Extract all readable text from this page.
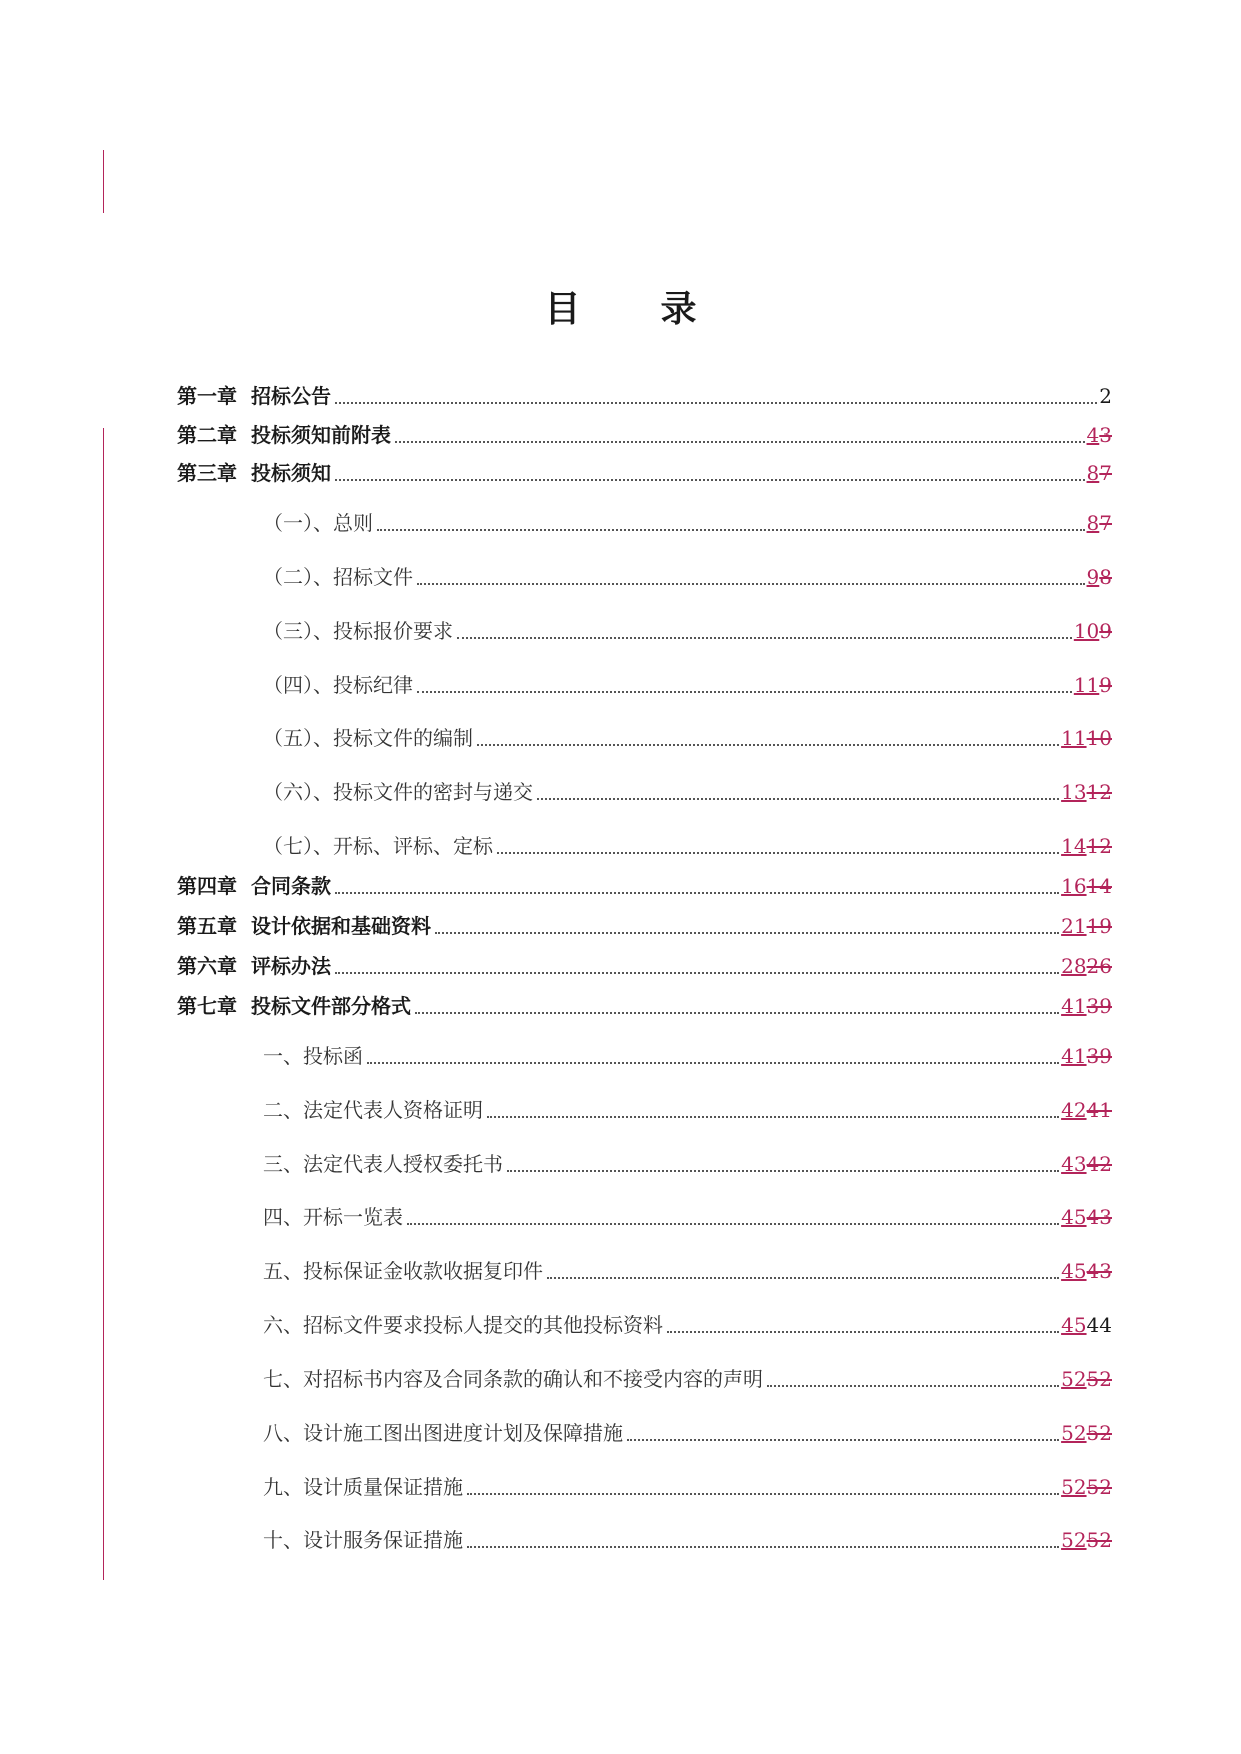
目 录
第一章 招标公告	2
第二章 投标须知前附表	43
第三章 投标须知	87
（一）、总则	87
（二）、招标文件	98
（三）、投标报价要求	109
（四）、投标纪律	119
（五）、投标文件的编制	1110
（六）、投标文件的密封与递交	1312
（七）、开标、评标、定标	1412
第四章 合同条款	1614
第五章 设计依据和基础资料	2119
第六章 评标办法	2826
第七章 投标文件部分格式	4139
一、投标函	4139
二、法定代表人资格证明	4241
三、法定代表人授权委托书	4342
四、开标一览表	4543
五、投标保证金收款收据复印件	4543
六、招标文件要求投标人提交的其他投标资料	4544
七、对招标书内容及合同条款的确认和不接受内容的声明	5252
八、设计施工图出图进度计划及保障措施	5252
九、设计质量保证措施	5252
十、设计服务保证措施	5252
